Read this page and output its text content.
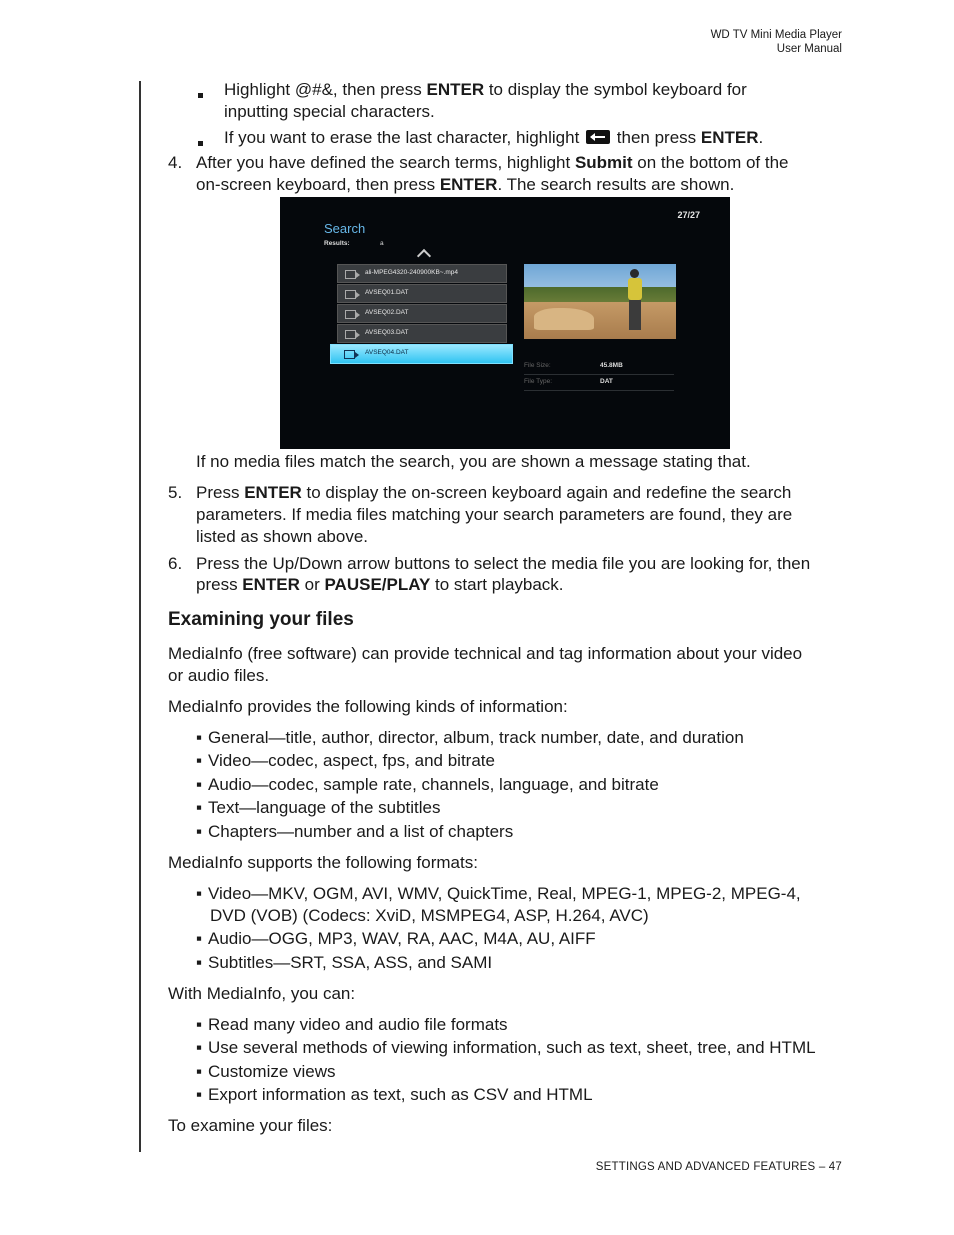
WD TV Mini Media Player
User Manual
Highlight @#&, then press ENTER to display the symbol keyboard for
inputting special characters.
If you want to erase the last character, highlight
then press ENTER.
4. After you have defined the search terms, highlight Submit on the bottom of the
on-screen keyboard, then press ENTER. The search results are shown.
Search
27/27
Results:	a
ali-MPEG4320-240900KB~.mp4
AVSEQ01.DAT
AVSEQ02.DAT
AVSEQ03.DAT
AVSEQ04.DAT
File Size:	45.8MB
File Type:	DAT
If no media files match the search, you are shown a message stating that.
5. Press ENTER to display the on-screen keyboard again and redefine the search
parameters. If media files matching your search parameters are found, they are
listed as shown above.
6. Press the Up/Down arrow buttons to select the media file you are looking for, then
press ENTER or PAUSE/PLAY to start playback.
Examining your files
MediaInfo (free software) can provide technical and tag information about your video
or audio files.
MediaInfo provides the following kinds of information:
▪ General—title, author, director, album, track number, date, and duration
▪ Video—codec, aspect, fps, and bitrate
▪ Audio—codec, sample rate, channels, language, and bitrate
▪ Text—language of the subtitles
▪ Chapters—number and a list of chapters
MediaInfo supports the following formats:
▪ Video—MKV, OGM, AVI, WMV, QuickTime, Real, MPEG-1, MPEG-2, MPEG-4,
DVD (VOB) (Codecs: XviD, MSMPEG4, ASP, H.264, AVC)
▪ Audio—OGG, MP3, WAV, RA, AAC, M4A, AU, AIFF
▪ Subtitles—SRT, SSA, ASS, and SAMI
With MediaInfo, you can:
▪ Read many video and audio file formats
▪ Use several methods of viewing information, such as text, sheet, tree, and HTML
▪ Customize views
▪ Export information as text, such as CSV and HTML
To examine your files:
SETTINGS AND ADVANCED FEATURES – 47
